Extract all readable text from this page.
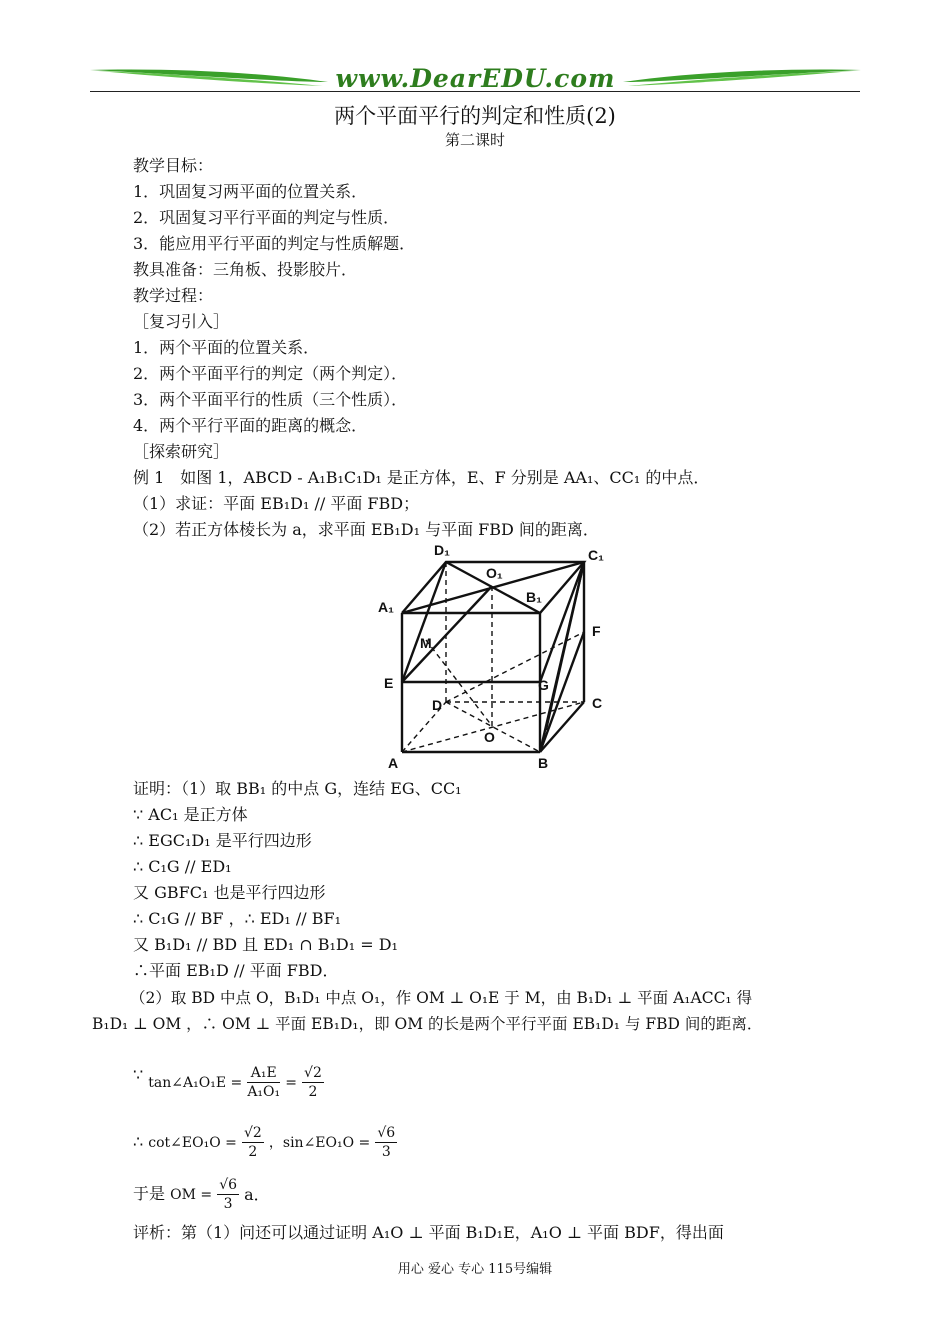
www.DearEDU.com
两个平面平行的判定和性质(2)
第二课时
教学目标：
1．巩固复习两平面的位置关系．
2．巩固复习平行平面的判定与性质．
3．能应用平行平面的判定与性质解题．
教具准备：三角板、投影胶片．
教学过程：
［复习引入］
1．两个平面的位置关系．
2．两个平面平行的判定（两个判定）．
3．两个平面平行的性质（三个性质）．
4．两个平行平面的距离的概念．
［探索研究］
例 1　如图 1，ABCD - A₁B₁C₁D₁ 是正方体，E、F 分别是 AA₁、CC₁ 的中点．
（1）求证：平面 EB₁D₁ // 平面 FBD；
（2）若正方体棱长为 a，求平面 EB₁D₁ 与平面 FBD 间的距离．
D₁
O₁
C₁
A₁
B₁
F
M
E	G
D	C
O
A	B
证明：（1）取 BB₁ 的中点 G，连结 EG、CC₁
∵ AC₁ 是正方体
∴ EGC₁D₁ 是平行四边形
∴ C₁G // ED₁
又 GBFC₁ 也是平行四边形
∴ C₁G // BF ，∴ ED₁ // BF₁
又 B₁D₁ // BD 且 ED₁ ∩ B₁D₁ = D₁
∴平面 EB₁D // 平面 FBD．
（2）取 BD 中点 O，B₁D₁ 中点 O₁，作 OM ⊥ O₁E 于 M，由 B₁D₁ ⊥ 平面 A₁ACC₁ 得
B₁D₁ ⊥ OM ，∴ OM ⊥ 平面 EB₁D₁，即 OM 的长是两个平行平面 EB₁D₁ 与 FBD 间的距离．
∵ tan∠A₁O₁E = $\frac{\text{A₁E}}{\text{A₁O₁}} = \frac{√2}{2}$
∴ cot∠EO₁O = $\frac{√2}{2}$ ，sin∠EO₁O = $\frac{√6}{3}$
于是 OM = $\frac{√6}{3}$ a．
评析：第（1）问还可以通过证明 A₁O ⊥ 平面 B₁D₁E，A₁O ⊥ 平面 BDF，得出面
用心 爱心 专心 115号编辑
